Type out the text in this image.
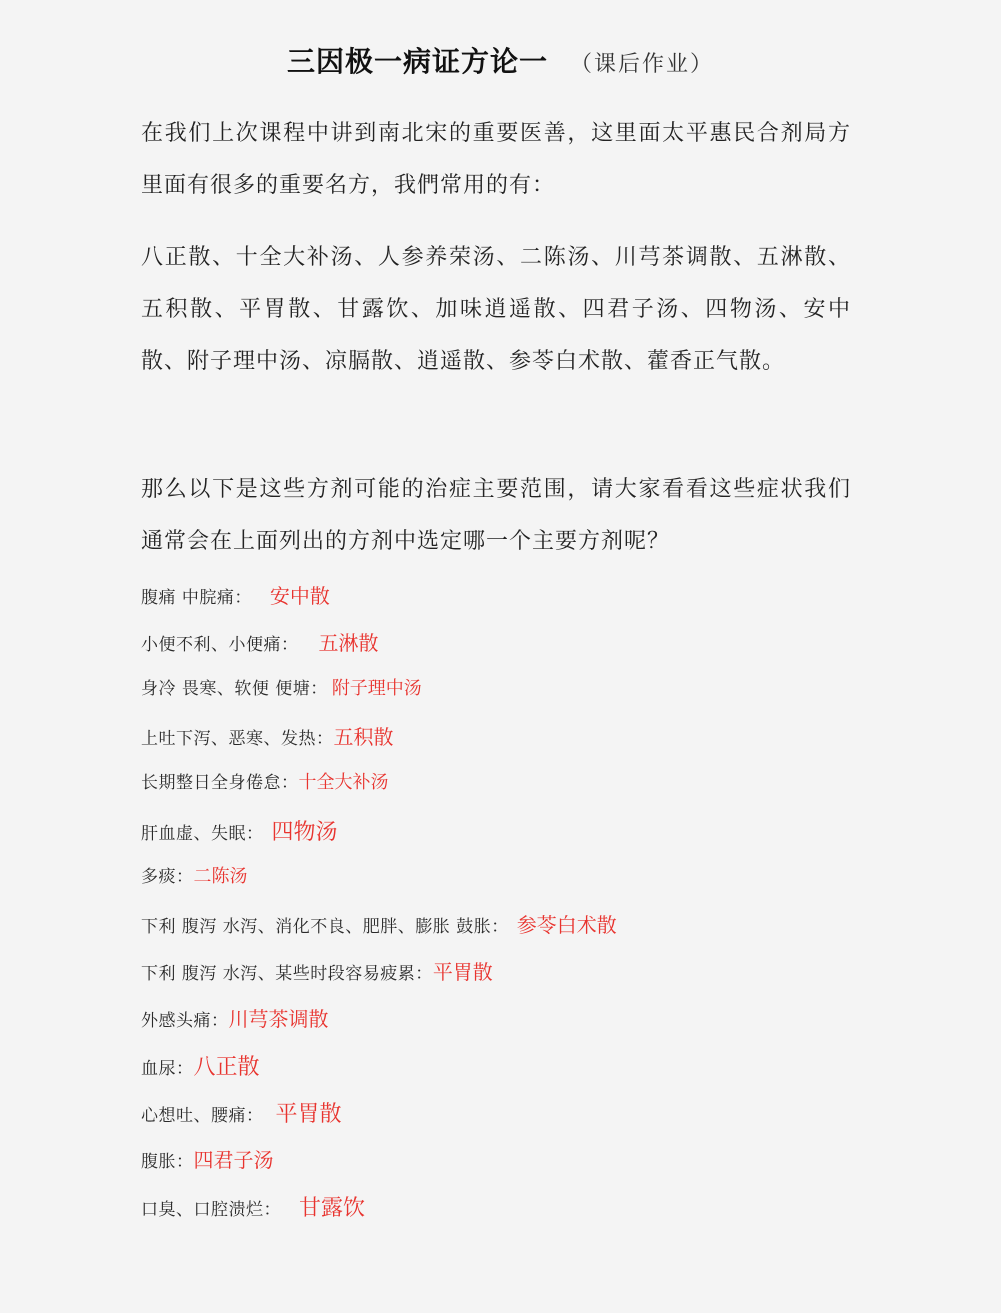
三因极一病证方论一 （课后作业）
在我们上次课程中讲到南北宋的重要医善，这里面太平惠民合剂局方里面有很多的重要名方，我們常用的有：
八正散、十全大补汤、人参养荣汤、二陈汤、川芎茶调散、五淋散、五积散、平胃散、甘露饮、加味逍遥散、四君子汤、四物汤、安中散、附子理中汤、凉膈散、逍遥散、参苓白术散、藿香正气散。
那么以下是这些方剂可能的治症主要范围，请大家看看这些症状我们通常会在上面列出的方剂中选定哪一个主要方剂呢？
腹痛 中脘痛： 安中散
小便不利、小便痛： 五淋散
身冷 畏寒、软便 便塘： 附子理中汤
上吐下泻、恶寒、发热：五积散
长期整日全身倦怠：十全大补汤
肝血虚、失眠： 四物汤
多痰：二陈汤
下利 腹泻 水泻、消化不良、肥胖、膨胀 鼓胀： 参苓白术散
下利 腹泻 水泻、某些时段容易疲累：平胃散
外感头痛：川芎茶调散
血尿：八正散
心想吐、腰痛： 平胃散
腹胀：四君子汤
口臭、口腔溃烂： 甘露饮
